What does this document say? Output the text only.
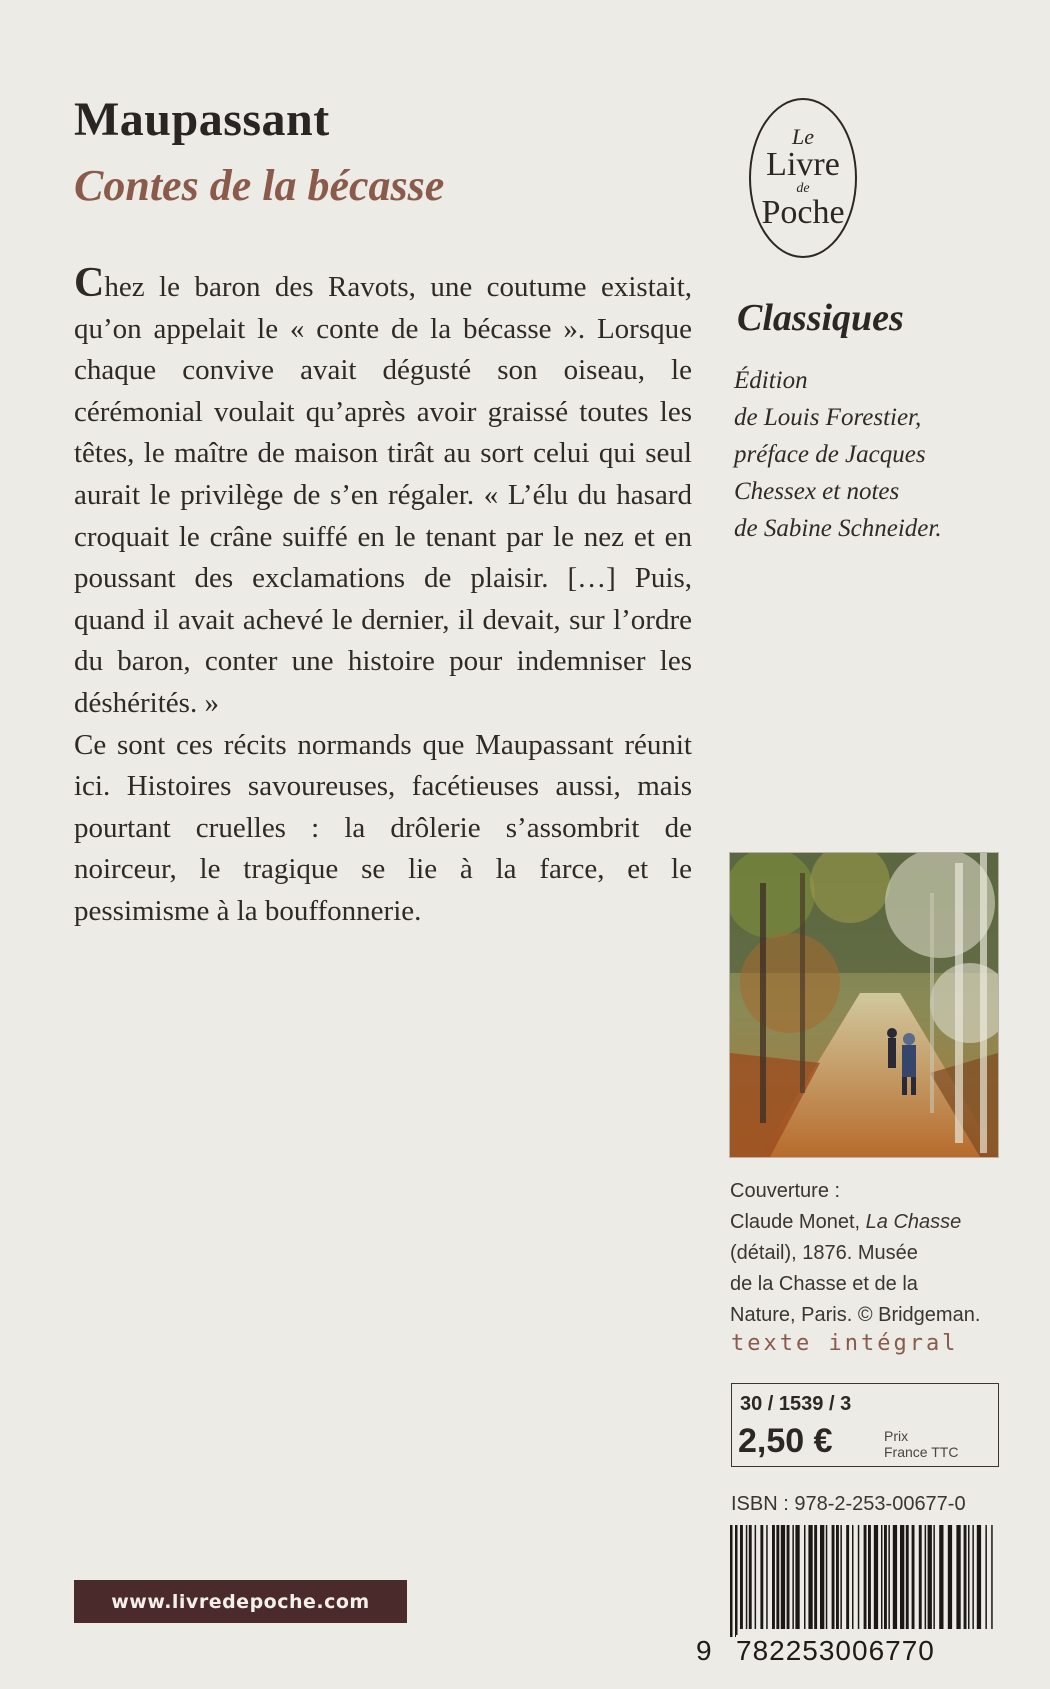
Maupassant
Contes de la bécasse

Chez le baron des Ravots, une coutume existait, qu’on appelait le « conte de la bécasse ». Lorsque chaque convive avait dégusté son oiseau, le cérémonial voulait qu’après avoir graissé toutes les têtes, le maître de maison tirât au sort celui qui seul aurait le privilège de s’en régaler. « L’élu du hasard croquait le crâne suiffé en le tenant par le nez et en poussant des exclamations de plaisir. […] Puis, quand il avait achevé le dernier, il devait, sur l’ordre du baron, conter une histoire pour indemniser les déshérités. »

Ce sont ces récits normands que Maupassant réunit ici. Histoires savoureuses, facétieuses aussi, mais pourtant cruelles : la drôlerie s’assombrit de noirceur, le tragique se lie à la farce, et le pessimisme à la bouffonnerie.

Le
Livre
de
Poche
Classiques
Édition
de Louis Forestier,
préface de Jacques
Chessex et notes
de Sabine Schneider.
Couverture :
Claude Monet, La Chasse
(détail), 1876. Musée
de la Chasse et de la
Nature, Paris. © Bridgeman.
texte intégral
30 / 1539 / 3
2,50 €	Prix
France TTC
ISBN : 978-2-253-00677-0
9 782253006770
www.livredepoche.com
